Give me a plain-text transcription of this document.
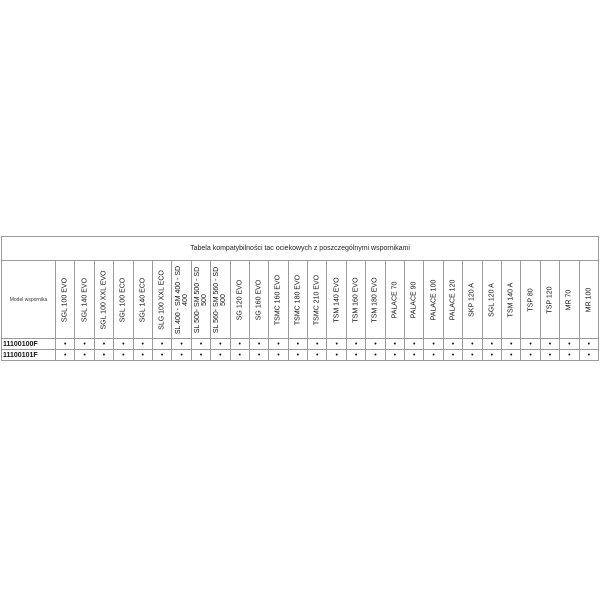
Tabela kompatybilności tac ociekowych z poszczególnymi wspornikami																												
Model wspornika	SGL 100 EVO	SGL 140 EVO	SGL 100 XXL EVO	SGL 100 ECO	SGL 140 ECO	SLG 100 XXL ECO	SL 400 - SM 400 - SD 400	SL 500- SM 500 - SD 500	SL 560- SM 560 - SD 500	SG 120 EVO	SG 160 EVO	TSMC 160 EVO	TSMC 180 EVO	TSMC 210 EVO	TSM 140 EVO	TSM 160 EVO	TSM 180 EVO	PALACE 70	PALACE 90	PALACE 100	PALACE 120	SKP 120 A	SGL 120 A	TSM 140 A	TSP 80	TSP 120	MR 70	MR 100

11100100F	•	•	•	•	•	•	•	•	•	•	•	•	•	•	•	•	•	•	•	•	•	•	•	•	•	•	•	•
11100101F	•	•	•	•	•	•	•	•	•	•	•	•	•	•	•	•	•	•	•	•	•	•	•	•	•	•	•	•
